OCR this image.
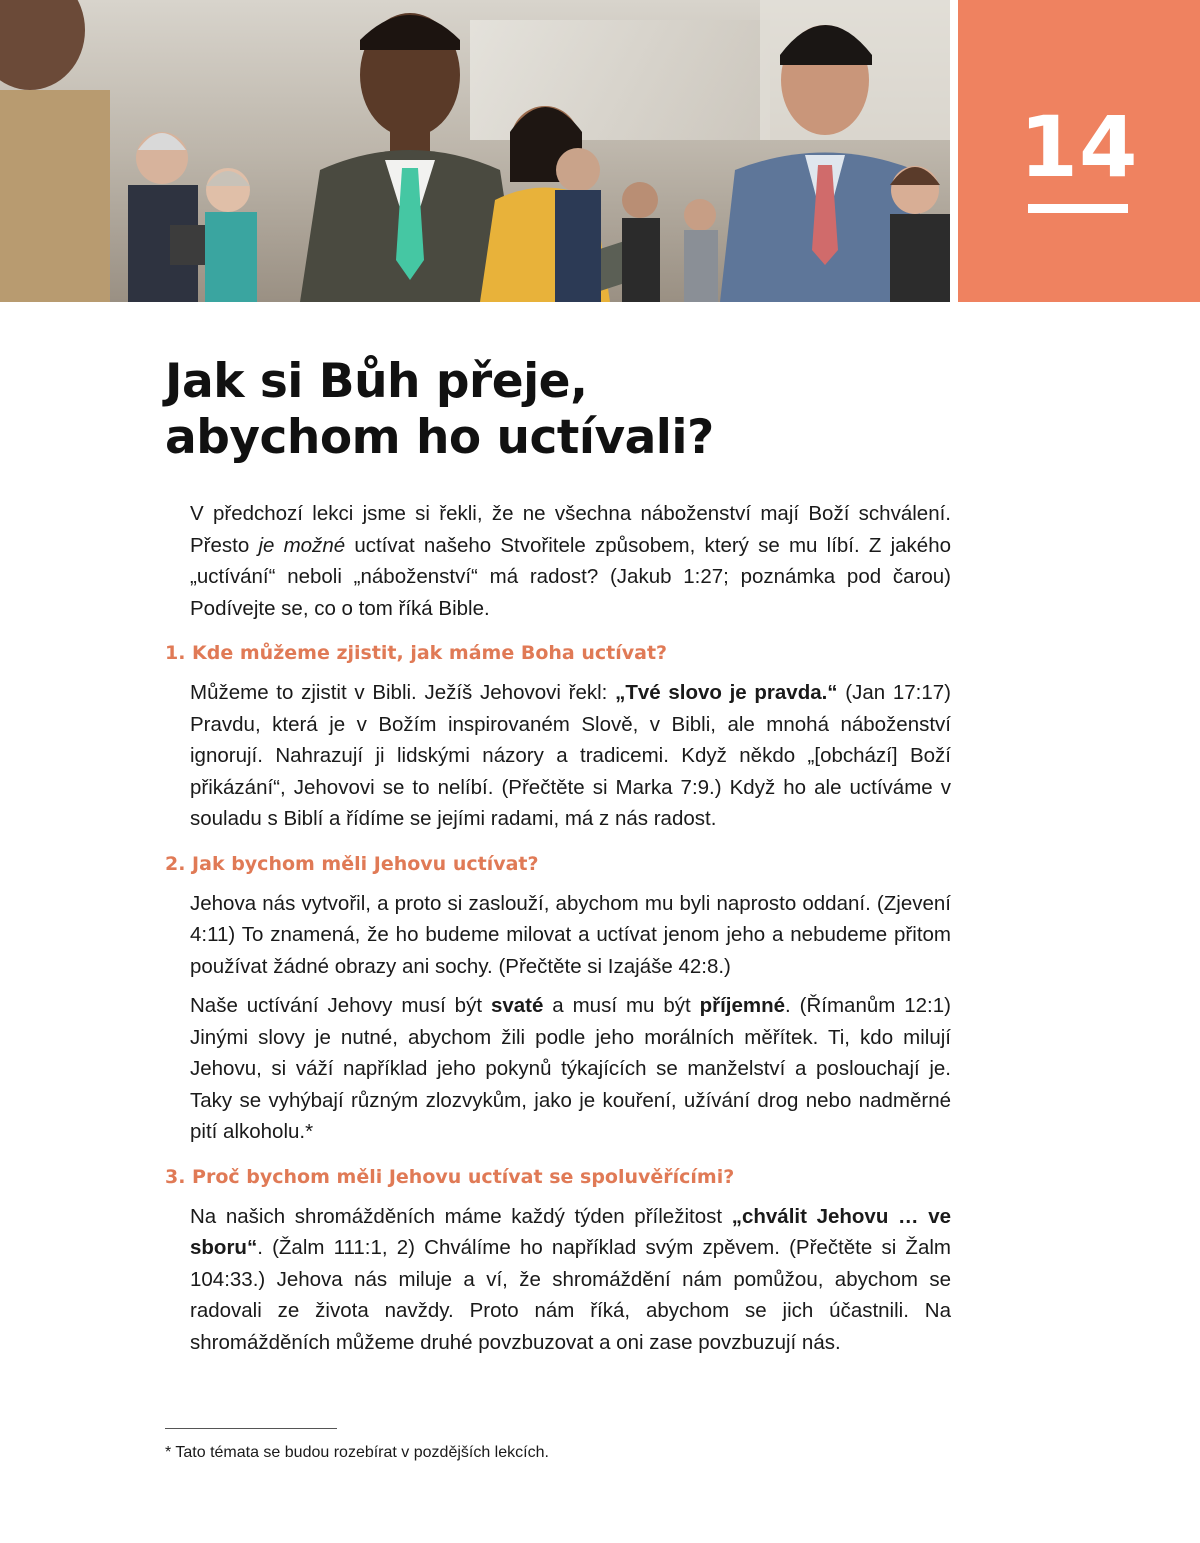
14
Jak si Bůh přeje,
abychom ho uctívali?

V předchozí lekci jsme si řekli, že ne všechna náboženství mají Boží schválení. Přesto je možné uctívat našeho Stvořitele způsobem, který se mu líbí. Z jakého „uctívání“ neboli „náboženství“ má radost? (Jakub 1:27; poznámka pod čarou) Podívejte se, co o tom říká Bible.

1. Kde můžeme zjistit, jak máme Boha uctívat?

Můžeme to zjistit v Bibli. Ježíš Jehovovi řekl: „Tvé slovo je pravda.“ (Jan 17:17) Pravdu, která je v Božím inspirovaném Slově, v Bibli, ale mnohá náboženství ignorují. Nahrazují ji lidskými názory a tradicemi. Když někdo „[obchází] Boží přikázání“, Jehovovi se to nelíbí. (Přečtěte si Marka 7:9.) Když ho ale uctíváme v souladu s Biblí a řídíme se jejími radami, má z nás radost.

2. Jak bychom měli Jehovu uctívat?

Jehova nás vytvořil, a proto si zaslouží, abychom mu byli naprosto oddaní. (Zjevení 4:11) To znamená, že ho budeme milovat a uctívat jenom jeho a nebudeme přitom používat žádné obrazy ani sochy. (Přečtěte si Izajáše 42:8.)

Naše uctívání Jehovy musí být svaté a musí mu být příjemné. (Římanům 12:1) Jinými slovy je nutné, abychom žili podle jeho morálních měřítek. Ti, kdo milují Jehovu, si váží například jeho pokynů týkajících se manželství a poslouchají je. Taky se vyhýbají různým zlozvykům, jako je kouření, užívání drog nebo nadměrné pití alkoholu.*

3. Proč bychom měli Jehovu uctívat se spoluvěřícími?

Na našich shromážděních máme každý týden příležitost „chválit Jehovu … ve sboru“. (Žalm 111:1, 2) Chválíme ho například svým zpěvem. (Přečtěte si Žalm 104:33.) Jehova nás miluje a ví, že shromáždění nám pomůžou, abychom se radovali ze života navždy. Proto nám říká, abychom se jich účastnili. Na shromážděních můžeme druhé povzbuzovat a oni zase povzbuzují nás.

* Tato témata se budou rozebírat v pozdějších lekcích.
